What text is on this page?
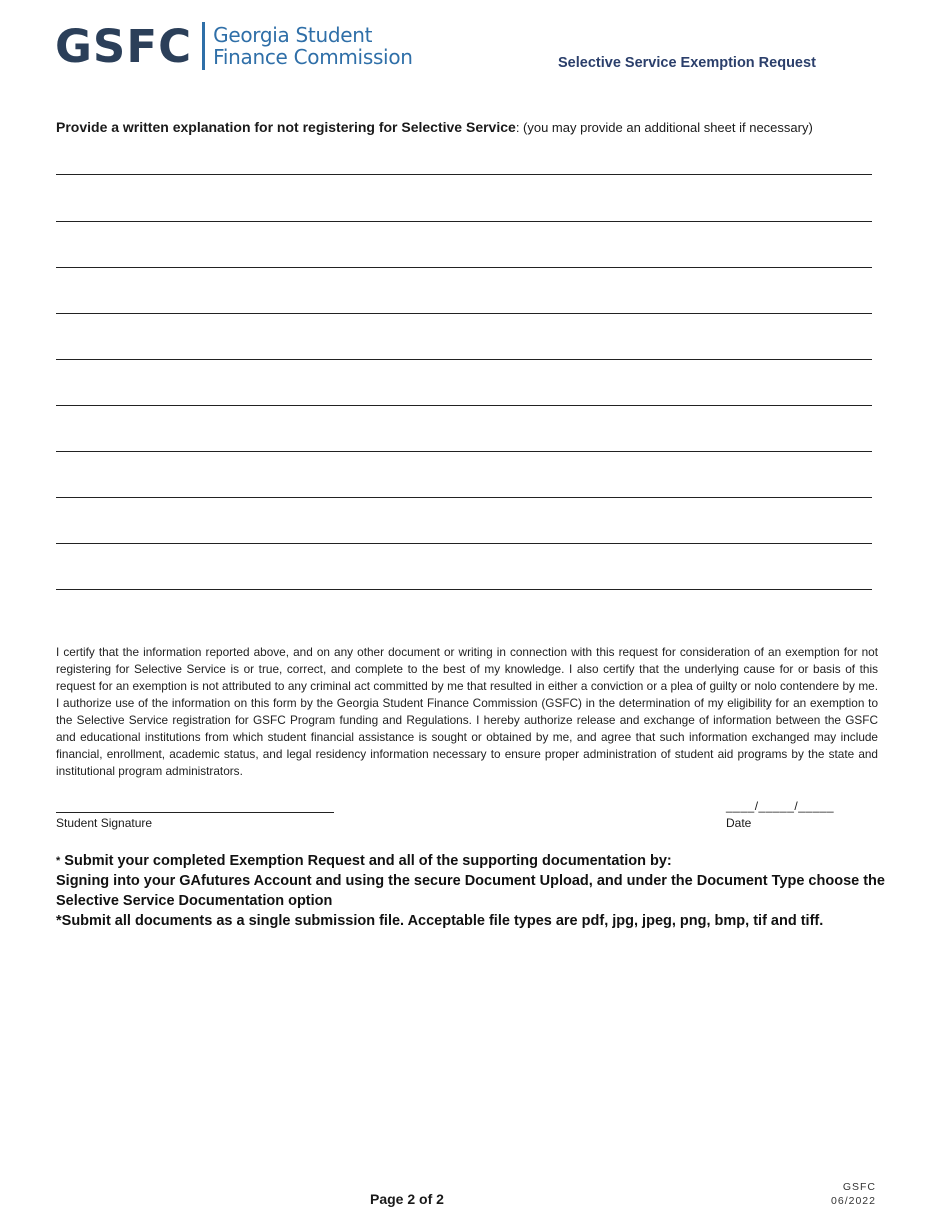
GSFC Georgia Student
Finance Commission	Selective Service Exemption Request
Provide a written explanation for not registering for Selective Service: (you may provide an additional sheet if necessary)
I certify that the information reported above, and on any other document or writing in connection with this request for consideration of an exemption for not registering for Selective Service is or true, correct, and complete to the best of my knowledge. I also certify that the underlying cause for or basis of this request for an exemption is not attributed to any criminal act committed by me that resulted in either a conviction or a plea of guilty or nolo contendere by me. I authorize use of the information on this form by the Georgia Student Finance Commission (GSFC) in the determination of my eligibility for an exemption to the Selective Service registration for GSFC Program funding and Regulations. I hereby authorize release and exchange of information between the GSFC and educational institutions from which student financial assistance is sought or obtained by me, and agree that such information exchanged may include financial, enrollment, academic status, and legal residency information necessary to ensure proper administration of student aid programs by the state and institutional program administrators.
Student Signature
____/_____/_____
Date
* Submit your completed Exemption Request and all of the supporting documentation by:
Signing into your GAfutures Account and using the secure Document Upload, and under the Document Type choose the Selective Service Documentation option
*Submit all documents as a single submission file. Acceptable file types are pdf, jpg, jpeg, png, bmp, tif and tiff.
Page 2 of 2
GSFC
06/2022
